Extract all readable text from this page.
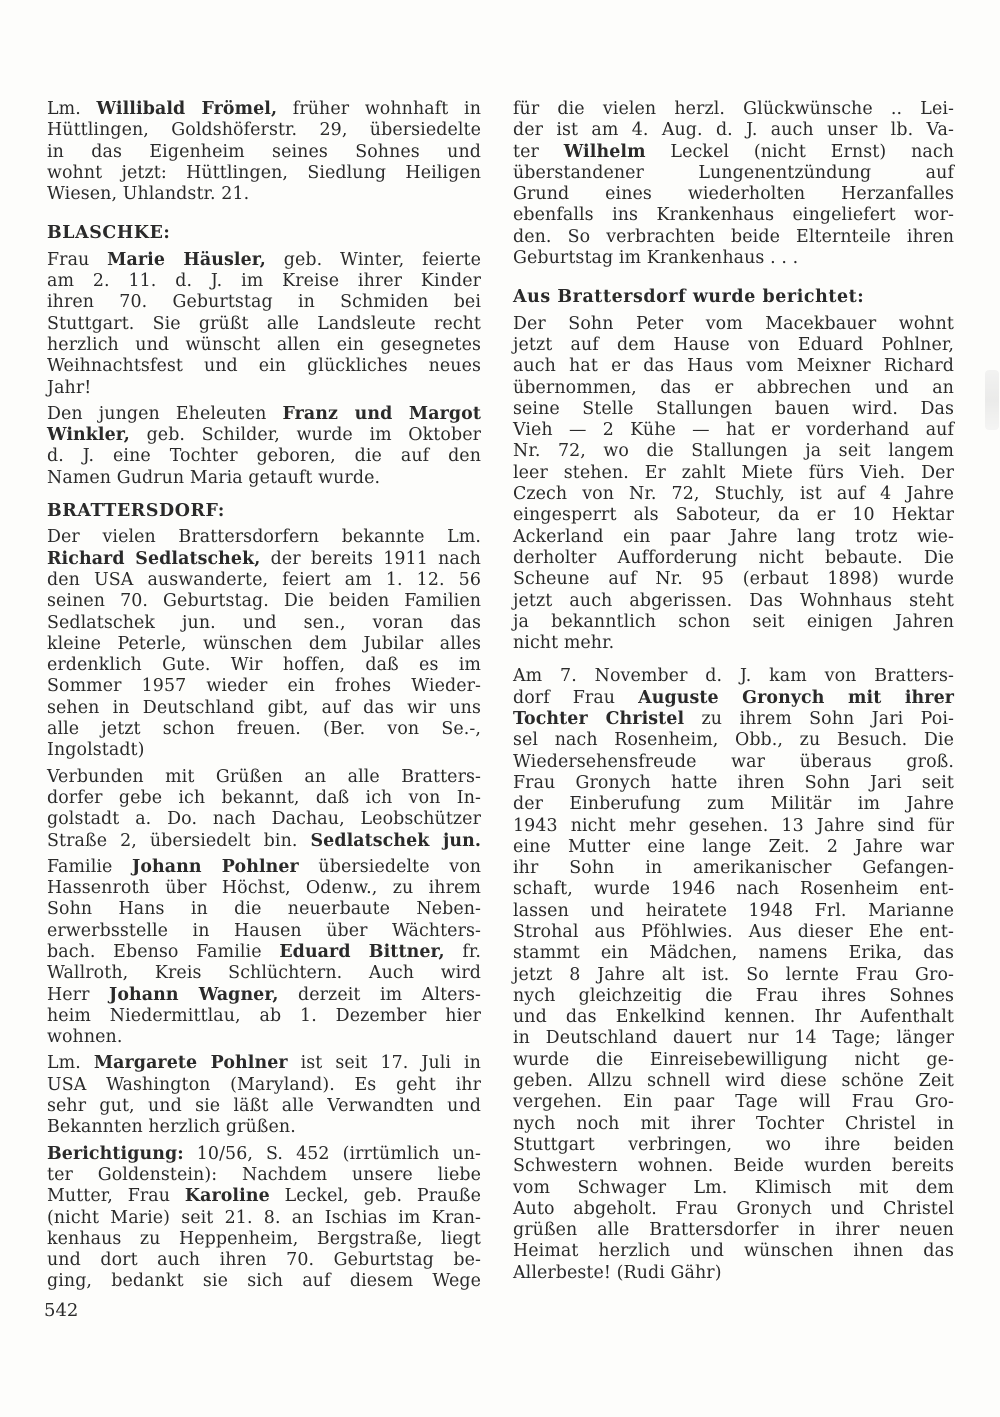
Lm. Willibald Frömel, früher wohnhaft in
Hüttlingen, Goldshöferstr. 29, übersiedelte
in das Eigenheim seines Sohnes und
wohnt jetzt: Hüttlingen, Siedlung Heiligen
Wiesen, Uhlandstr. 21.
BLASCHKE:
Frau Marie Häusler, geb. Winter, feierte
am 2. 11. d. J. im Kreise ihrer Kinder
ihren 70. Geburtstag in Schmiden bei
Stuttgart. Sie grüßt alle Landsleute recht
herzlich und wünscht allen ein gesegnetes
Weihnachtsfest und ein glückliches neues
Jahr!
Den jungen Eheleuten Franz und Margot
Winkler, geb. Schilder, wurde im Oktober
d. J. eine Tochter geboren, die auf den
Namen Gudrun Maria getauft wurde.
BRATTERSDORF:
Der vielen Brattersdorfern bekannte Lm.
Richard Sedlatschek, der bereits 1911 nach
den USA auswanderte, feiert am 1. 12. 56
seinen 70. Geburtstag. Die beiden Familien
Sedlatschek jun. und sen., voran das
kleine Peterle, wünschen dem Jubilar alles
erdenklich Gute. Wir hoffen, daß es im
Sommer 1957 wieder ein frohes Wieder-
sehen in Deutschland gibt, auf das wir uns
alle jetzt schon freuen. (Ber. von Se.-,
Ingolstadt)
Verbunden mit Grüßen an alle Bratters-
dorfer gebe ich bekannt, daß ich von In-
golstadt a. Do. nach Dachau, Leobschützer
Straße 2, übersiedelt bin. Sedlatschek jun.
Familie Johann Pohlner übersiedelte von
Hassenroth über Höchst, Odenw., zu ihrem
Sohn Hans in die neuerbaute Neben-
erwerbsstelle in Hausen über Wächters-
bach. Ebenso Familie Eduard Bittner, fr.
Wallroth, Kreis Schlüchtern. Auch wird
Herr Johann Wagner, derzeit im Alters-
heim Niedermittlau, ab 1. Dezember hier
wohnen.
Lm. Margarete Pohlner ist seit 17. Juli in
USA Washington (Maryland). Es geht ihr
sehr gut, und sie läßt alle Verwandten und
Bekannten herzlich grüßen.
Berichtigung: 10/56, S. 452 (irrtümlich un-
ter Goldenstein): Nachdem unsere liebe
Mutter, Frau Karoline Leckel, geb. Prauße
(nicht Marie) seit 21. 8. an Ischias im Kran-
kenhaus zu Heppenheim, Bergstraße, liegt
und dort auch ihren 70. Geburtstag be-
ging, bedankt sie sich auf diesem Wege
für die vielen herzl. Glückwünsche .. Lei-
der ist am 4. Aug. d. J. auch unser lb. Va-
ter Wilhelm Leckel (nicht Ernst) nach
überstandener Lungenentzündung auf
Grund eines wiederholten Herzanfalles
ebenfalls ins Krankenhaus eingeliefert wor-
den. So verbrachten beide Elternteile ihren
Geburtstag im Krankenhaus . . .
Aus Brattersdorf wurde berichtet:
Der Sohn Peter vom Macekbauer wohnt
jetzt auf dem Hause von Eduard Pohlner,
auch hat er das Haus vom Meixner Richard
übernommen, das er abbrechen und an
seine Stelle Stallungen bauen wird. Das
Vieh — 2 Kühe — hat er vorderhand auf
Nr. 72, wo die Stallungen ja seit langem
leer stehen. Er zahlt Miete fürs Vieh. Der
Czech von Nr. 72, Stuchly, ist auf 4 Jahre
eingesperrt als Saboteur, da er 10 Hektar
Ackerland ein paar Jahre lang trotz wie-
derholter Aufforderung nicht bebaute. Die
Scheune auf Nr. 95 (erbaut 1898) wurde
jetzt auch abgerissen. Das Wohnhaus steht
ja bekanntlich schon seit einigen Jahren
nicht mehr.
Am 7. November d. J. kam von Bratters-
dorf Frau Auguste Gronych mit ihrer
Tochter Christel zu ihrem Sohn Jari Poi-
sel nach Rosenheim, Obb., zu Besuch. Die
Wiedersehensfreude war überaus groß.
Frau Gronych hatte ihren Sohn Jari seit
der Einberufung zum Militär im Jahre
1943 nicht mehr gesehen. 13 Jahre sind für
eine Mutter eine lange Zeit. 2 Jahre war
ihr Sohn in amerikanischer Gefangen-
schaft, wurde 1946 nach Rosenheim ent-
lassen und heiratete 1948 Frl. Marianne
Strohal aus Pföhlwies. Aus dieser Ehe ent-
stammt ein Mädchen, namens Erika, das
jetzt 8 Jahre alt ist. So lernte Frau Gro-
nych gleichzeitig die Frau ihres Sohnes
und das Enkelkind kennen. Ihr Aufenthalt
in Deutschland dauert nur 14 Tage; länger
wurde die Einreisebewilligung nicht ge-
geben. Allzu schnell wird diese schöne Zeit
vergehen. Ein paar Tage will Frau Gro-
nych noch mit ihrer Tochter Christel in
Stuttgart verbringen, wo ihre beiden
Schwestern wohnen. Beide wurden bereits
vom Schwager Lm. Klimisch mit dem
Auto abgeholt. Frau Gronych und Christel
grüßen alle Brattersdorfer in ihrer neuen
Heimat herzlich und wünschen ihnen das
Allerbeste! (Rudi Gähr)
542
